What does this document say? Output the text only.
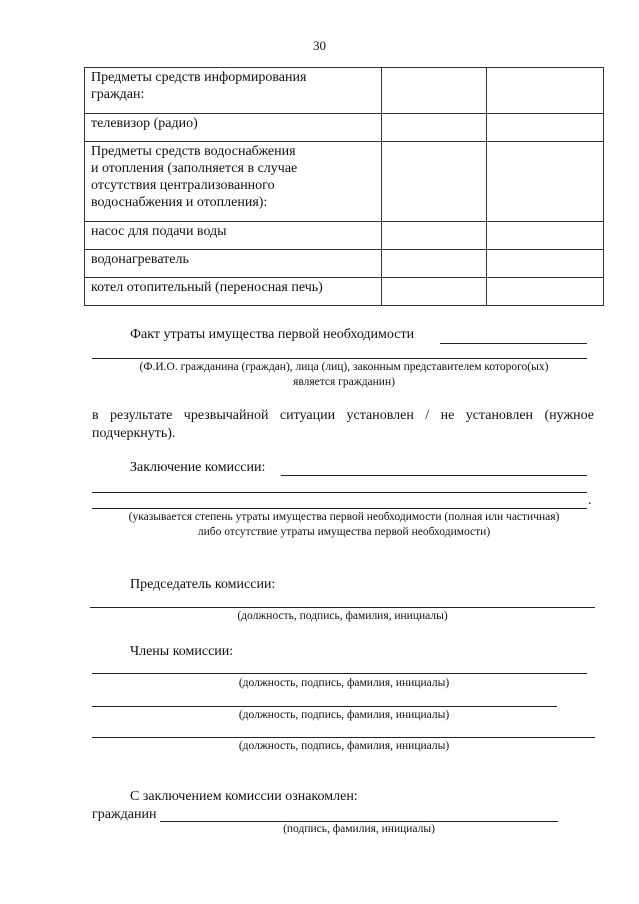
30
Предметы средств информирования
граждан:		

телевизор (радио)		

Предметы средств водоснабжения
и отопления (заполняется в случае
отсутствия централизованного
водоснабжения и отопления):		

насос для подачи воды		

водонагреватель		

котел отопительный (переносная печь)		

Факт утраты имущества первой необходимости
(Ф.И.О. гражданина (граждан), лица (лиц), законным представителем которого(ых)
является гражданин)
в результате чрезвычайной ситуации установлен / не установлен (нужное
подчеркнуть).
Заключение комиссии:
.
(указывается степень утраты имущества первой необходимости (полная или частичная)
либо отсутствие утраты имущества первой необходимости)
Председатель комиссии:
(должность, подпись, фамилия, инициалы)
Члены комиссии:
(должность, подпись, фамилия, инициалы)
(должность, подпись, фамилия, инициалы)
(должность, подпись, фамилия, инициалы)
С заключением комиссии ознакомлен:
гражданин
(подпись, фамилия, инициалы)
